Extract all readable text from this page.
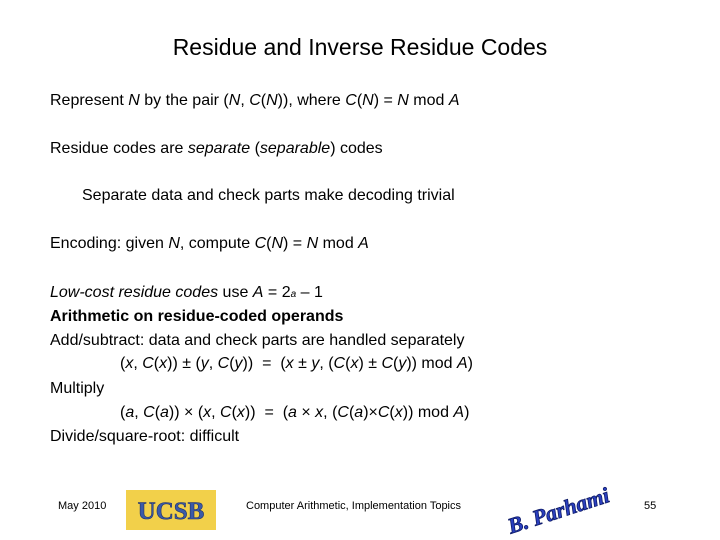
Residue and Inverse Residue Codes

Represent N by the pair (N, C(N)), where C(N) = N mod A

Residue codes are separate (separable) codes

Separate data and check parts make decoding trivial

Encoding: given N, compute C(N) = N mod A

Low-cost residue codes use A = 2a – 1

Arithmetic on residue-coded operands

Add/subtract: data and check parts are handled separately

(x, C(x)) ± (y, C(y))  =  (x ± y, (C(x) ± C(y)) mod A)

Multiply

(a, C(a)) × (x, C(x))  =  (a × x, (C(a)×C(x)) mod A)

Divide/square-root: difficult

May 2010 UCSB	Computer Arithmetic, Implementation Topics B. Parhami	55
